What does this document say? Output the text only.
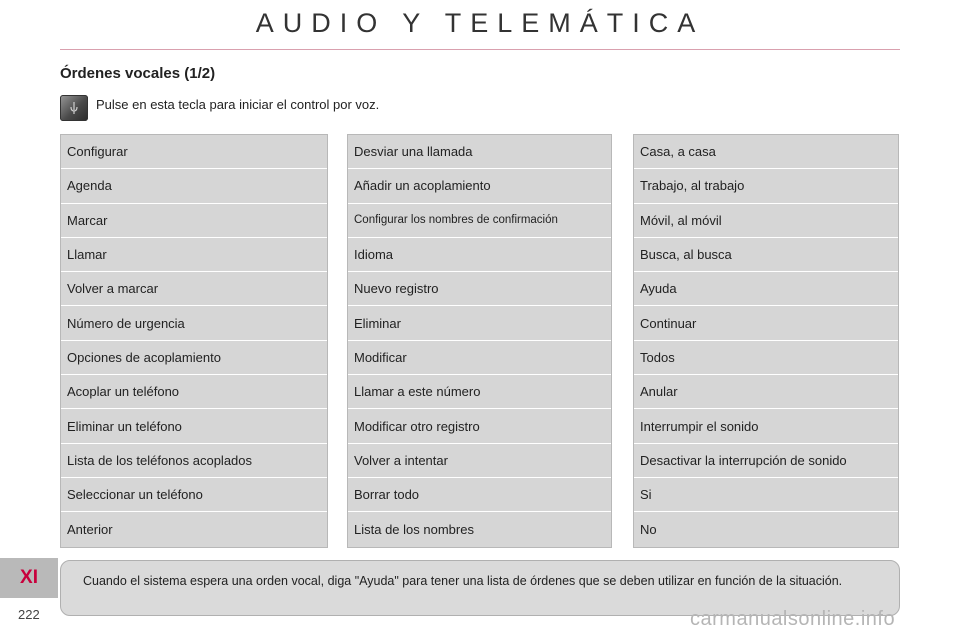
AUDIO Y TELEMÁTICA
Órdenes vocales (1/2)
Pulse en esta tecla para iniciar el control por voz.
Configurar
Agenda
Marcar
Llamar
Volver a marcar
Número de urgencia
Opciones de acoplamiento
Acoplar un teléfono
Eliminar un teléfono
Lista de los teléfonos acoplados
Seleccionar un teléfono
Anterior
Desviar una llamada
Añadir un acoplamiento
Configurar los nombres de confirmación
Idioma
Nuevo registro
Eliminar
Modificar
Llamar a este número
Modificar otro registro
Volver a intentar
Borrar todo
Lista de los nombres
Casa, a casa
Trabajo, al trabajo
Móvil, al móvil
Busca, al busca
Ayuda
Continuar
Todos
Anular
Interrumpir el sonido
Desactivar la interrupción de sonido
Si
No
XI
222
Cuando el sistema espera una orden vocal, diga "Ayuda" para tener una lista de órdenes que se deben utilizar en función de la situación.
carmanualsonline.info
